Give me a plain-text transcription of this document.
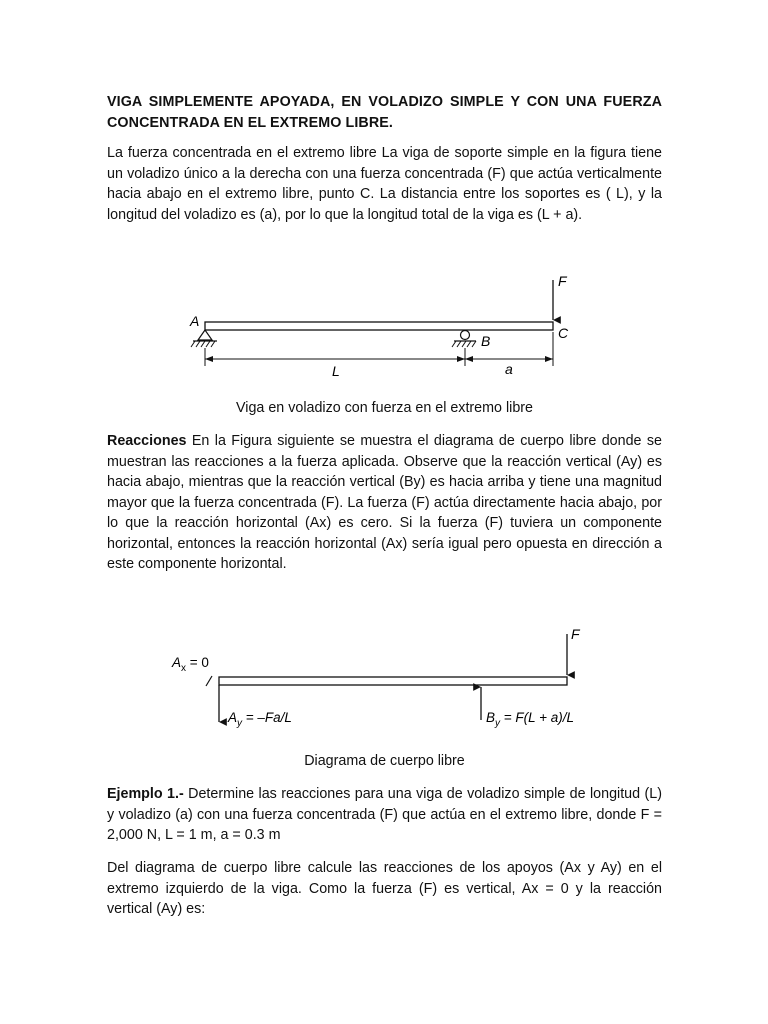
VIGA SIMPLEMENTE APOYADA, EN VOLADIZO SIMPLE Y CON UNA FUERZA CONCENTRADA EN EL EXTREMO LIBRE.

La fuerza concentrada en el extremo libre La viga de soporte simple en la figura tiene un voladizo único a la derecha con una fuerza concentrada (F) que actúa verticalmente hacia abajo en el extremo libre, punto C. La distancia entre los soportes es ( L), y la longitud del voladizo es (a), por lo que la longitud total de la viga es (L + a).

F
A
B	C
L	a

Viga en voladizo con fuerza en el extremo libre

Reacciones En la Figura siguiente se muestra el diagrama de cuerpo libre donde se muestran las reacciones a la fuerza aplicada. Observe que la reacción vertical (Ay) es hacia abajo, mientras que la reacción vertical (By) es hacia arriba y tiene una magnitud mayor que la fuerza concentrada (F). La fuerza (F) actúa directamente hacia abajo, por lo que la reacción horizontal (Ax) es cero. Si la fuerza (F) tuviera un componente horizontal, entonces la reacción horizontal (Ax) sería igual pero opuesta en dirección a este componente horizontal.

F
$A_x = 0$
$A_y = -Fa/L$	$B_y = F(L + a)/L$

Diagrama de cuerpo libre

Ejemplo 1.- Determine las reacciones para una viga de voladizo simple de longitud (L) y voladizo (a) con una fuerza concentrada (F) que actúa en el extremo libre, donde F = 2,000 N, L = 1 m, a = 0.3 m

Del diagrama de cuerpo libre calcule las reacciones de los apoyos (Ax y Ay) en el extremo izquierdo de la viga. Como la fuerza (F) es vertical, Ax = 0 y la reacción vertical (Ay) es:
